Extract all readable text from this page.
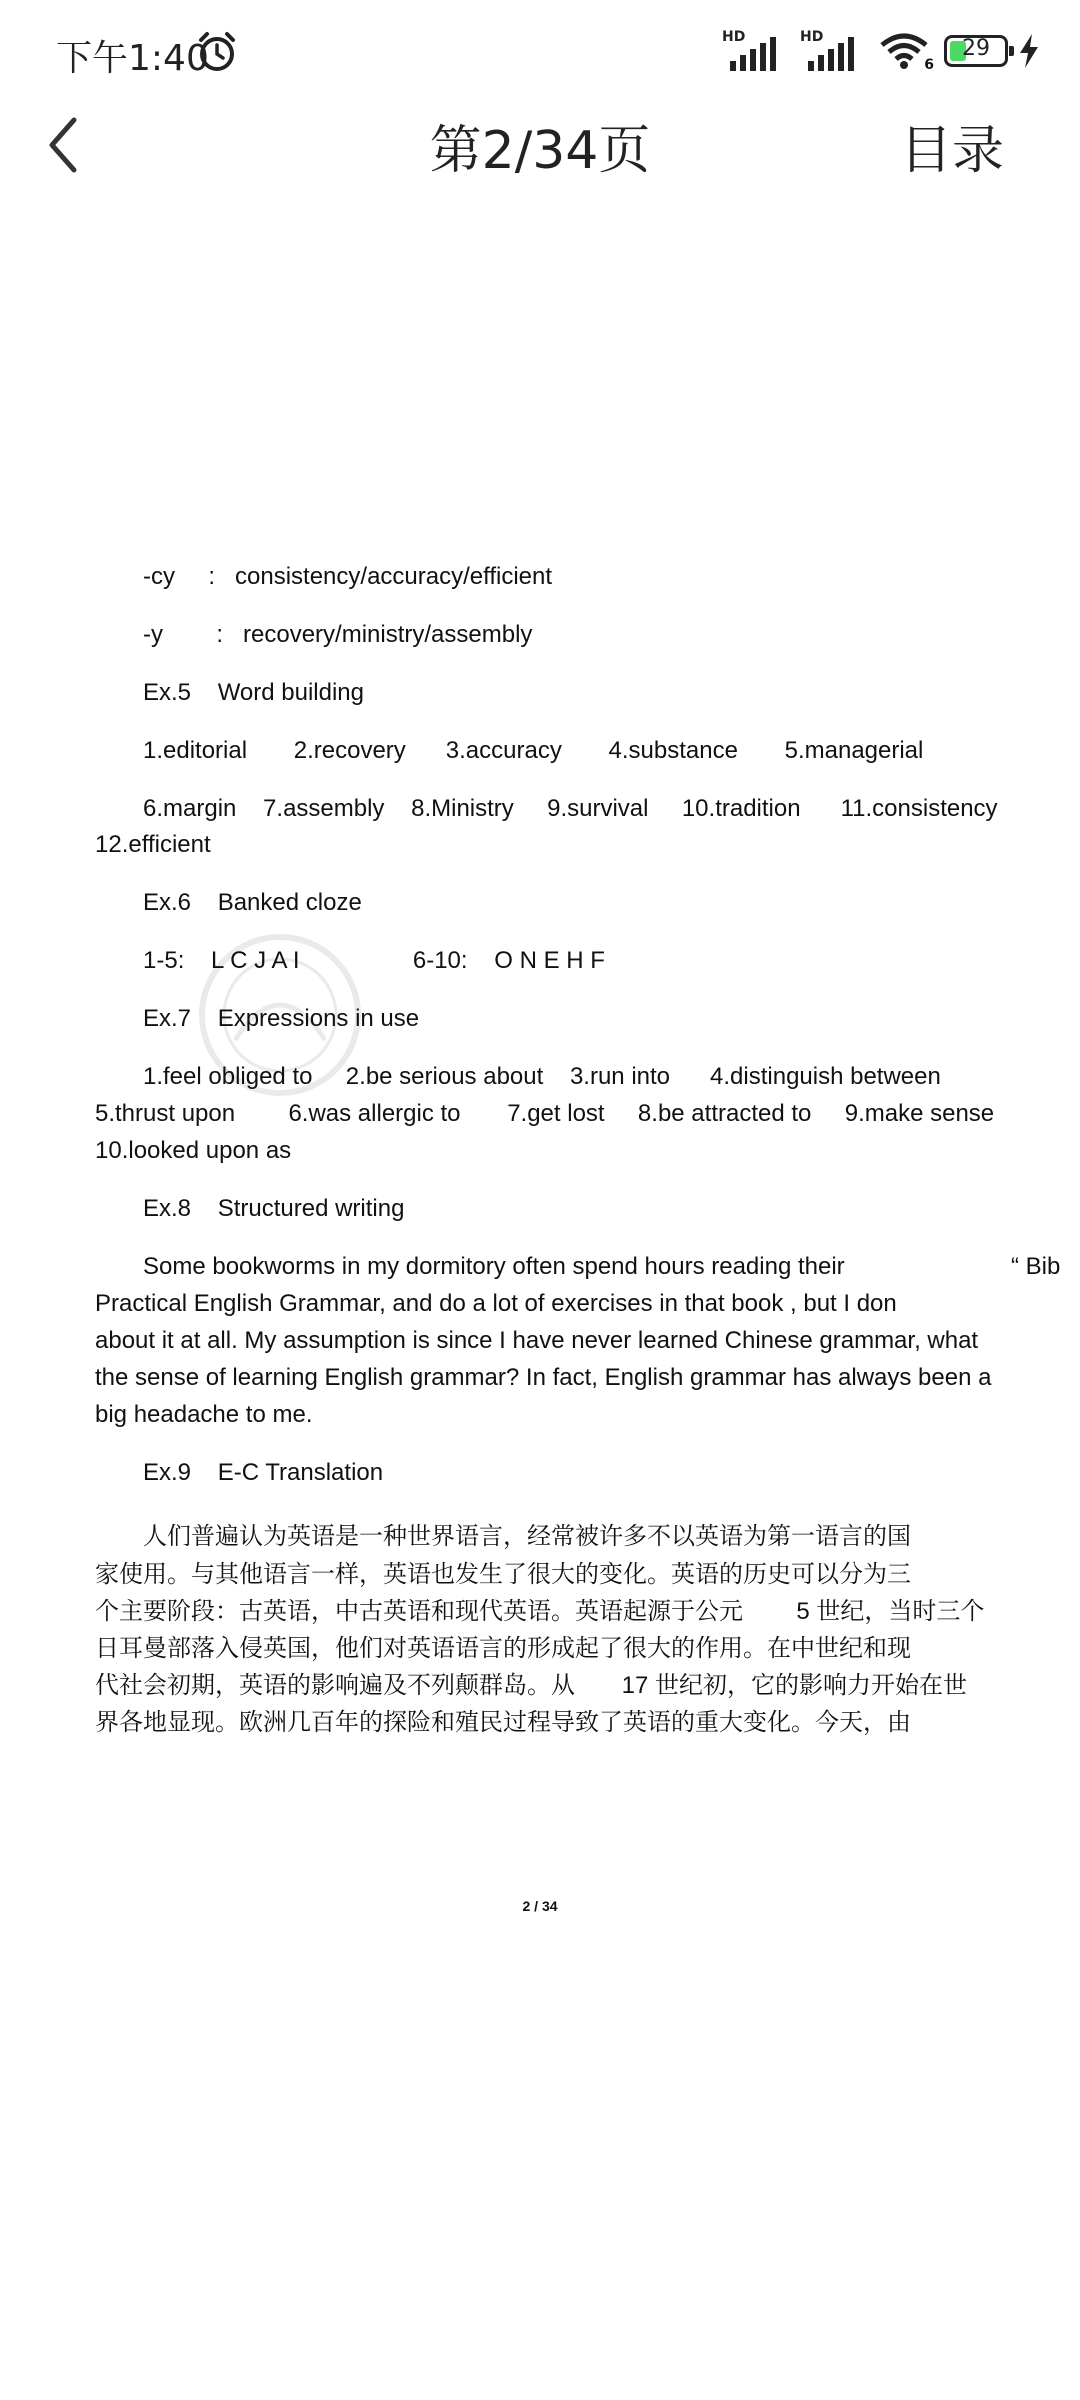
下午1:40
HD	HD
6
29
第2/34页	目录
-cy     :   consistency/accuracy/efficient
-y        :   recovery/ministry/assembly
Ex.5    Word building
1.editorial       2.recovery      3.accuracy       4.substance       5.managerial
6.margin    7.assembly    8.Ministry     9.survival     10.tradition      11.consistency
12.efficient
Ex.6    Banked cloze
1-5:    L C J A I                 6-10:    O N E H F
Ex.7    Expressions in use
1.feel obliged to     2.be serious about    3.run into      4.distinguish between
5.thrust upon        6.was allergic to       7.get lost     8.be attracted to     9.make sense
10.looked upon as
Ex.8    Structured writing
Some bookworms in my dormitory often spend hours reading their	“ Bib
Practical English Grammar, and do a lot of exercises in that book , but I don
about it at all. My assumption is since I have never learned Chinese grammar, what
the sense of learning English grammar? In fact, English grammar has always been a
big headache to me.
Ex.9    E-C Translation
人们普遍认为英语是一种世界语言，经常被许多不以英语为第一语言的国
家使用。与其他语言一样，英语也发生了很大的变化。英语的历史可以分为三
个主要阶段：古英语，中古英语和现代英语。英语起源于公元        5 世纪，当时三个
日耳曼部落入侵英国，他们对英语语言的形成起了很大的作用。在中世纪和现
代社会初期，英语的影响遍及不列颠群岛。从       17 世纪初，它的影响力开始在世
界各地显现。欧洲几百年的探险和殖民过程导致了英语的重大变化。今天，由
2 / 34
